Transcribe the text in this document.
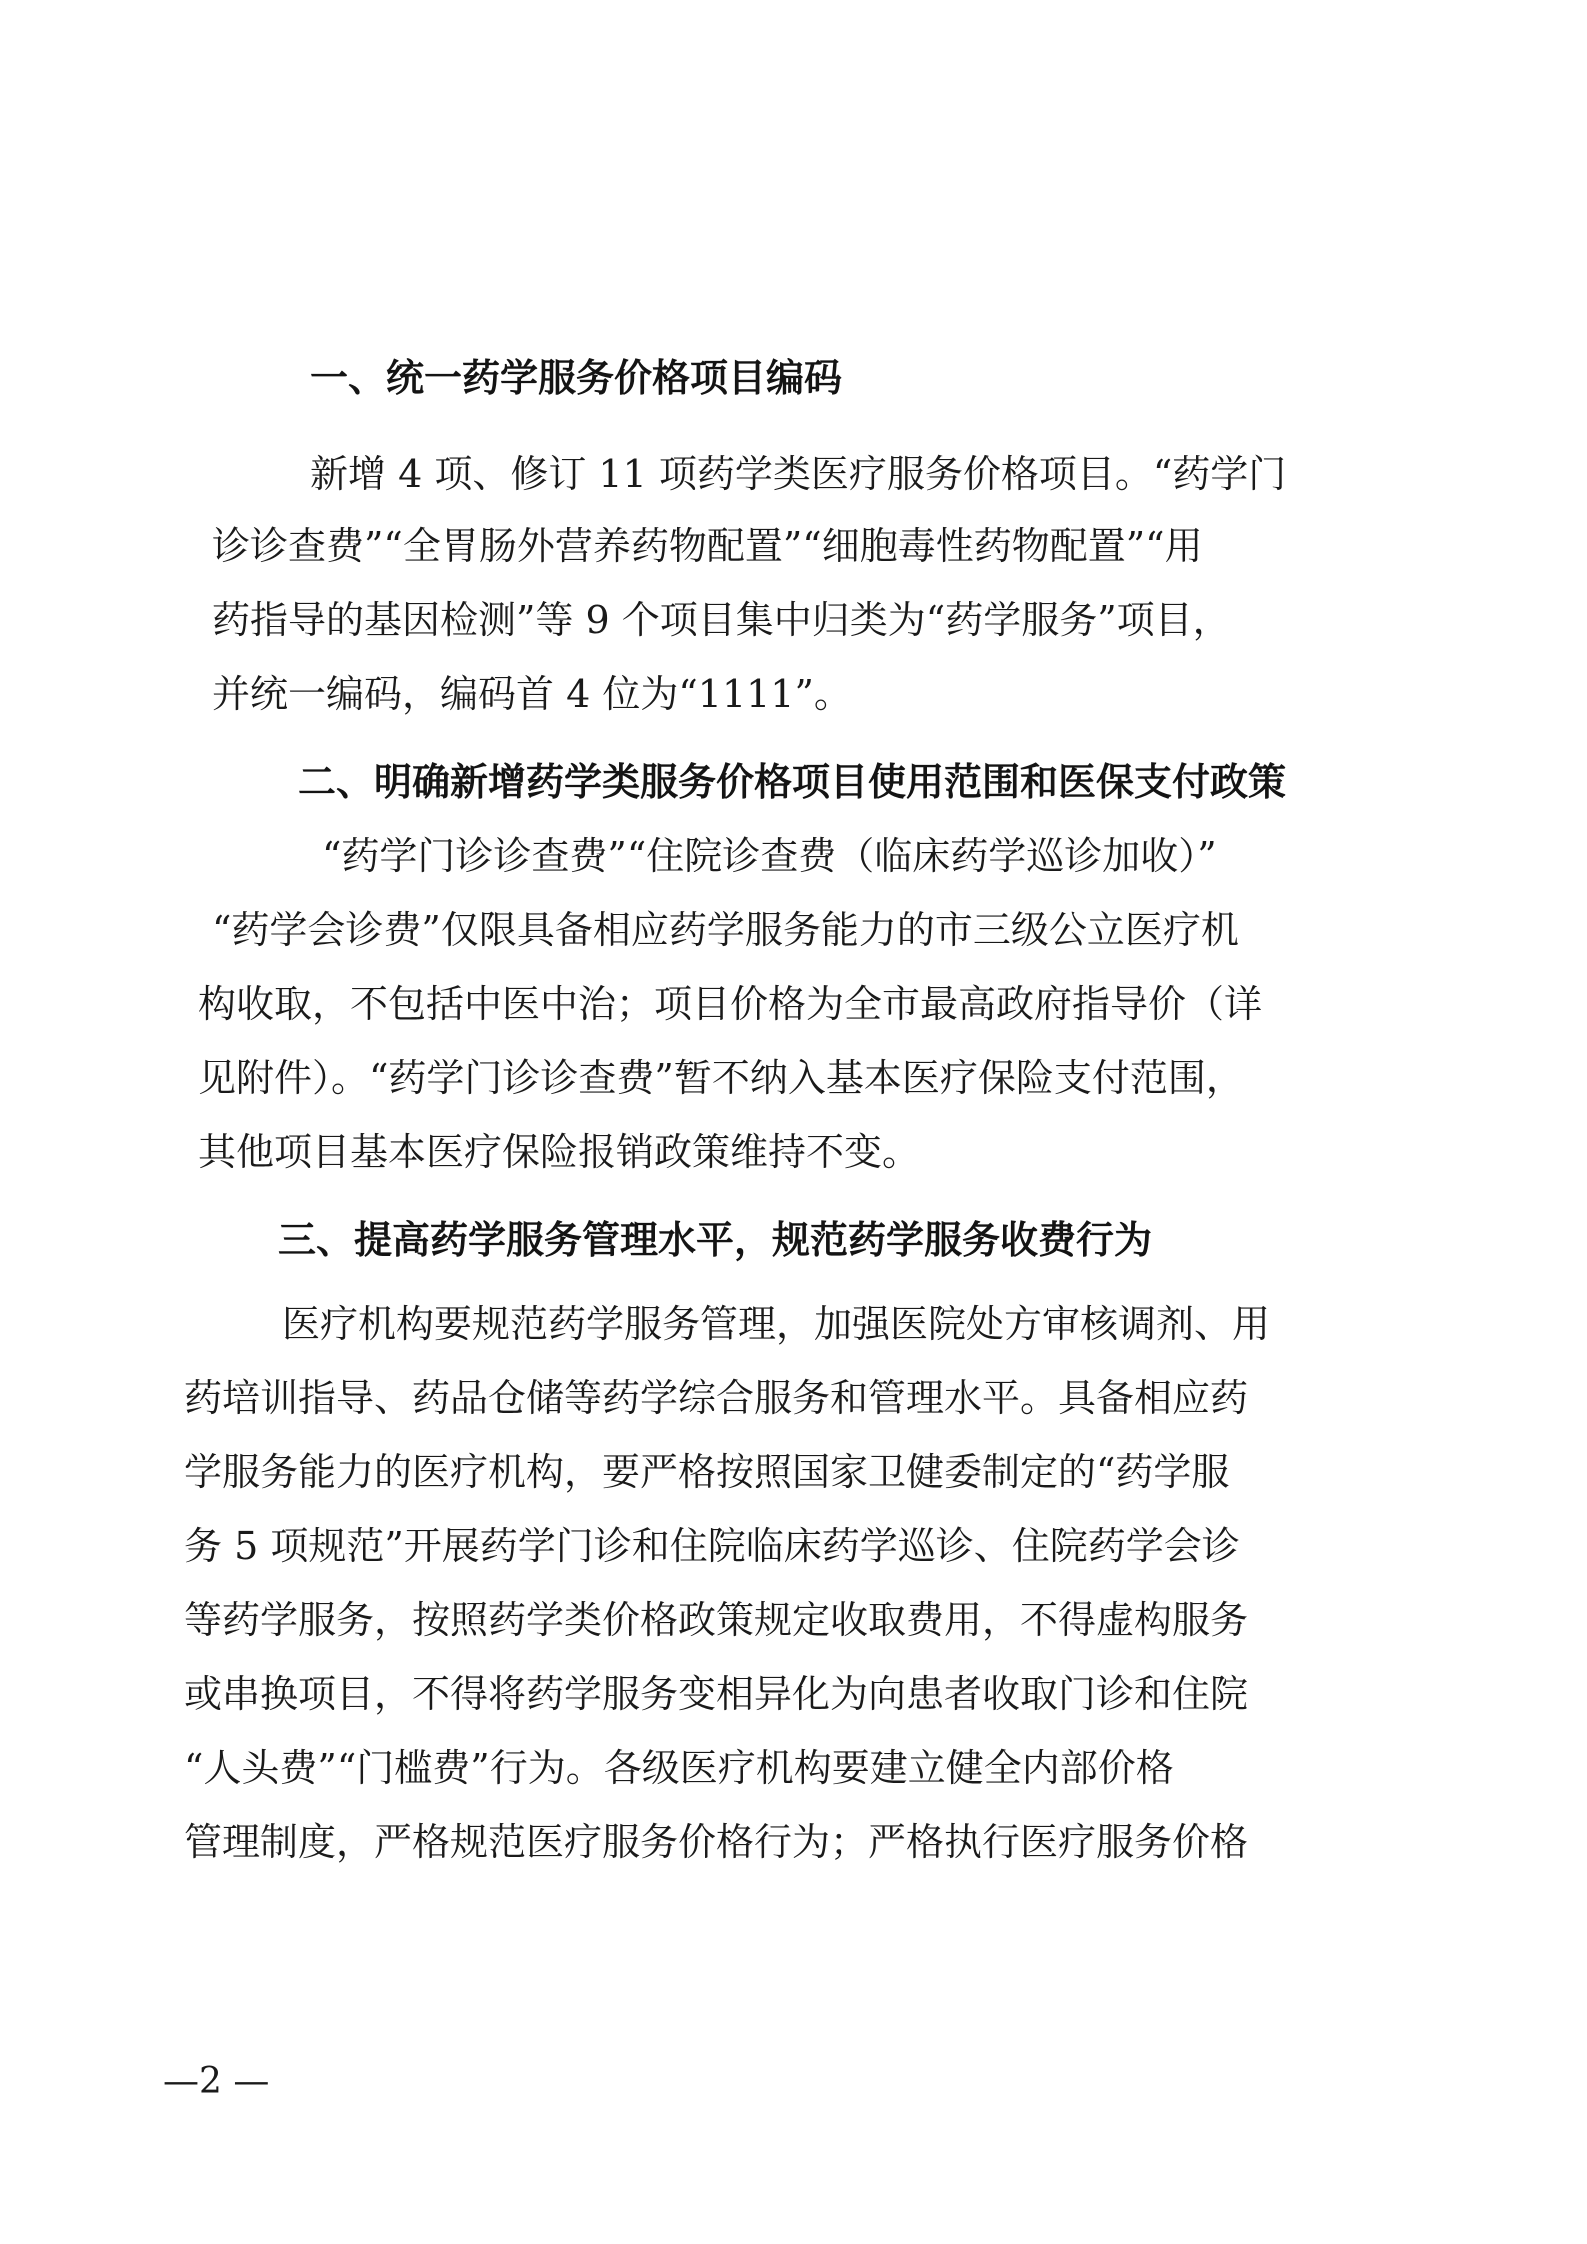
一、统一药学服务价格项目编码
新增 4 项、修订 11 项药学类医疗服务价格项目。“药学门
诊诊查费”“全胃肠外营养药物配置”“细胞毒性药物配置”“用
药指导的基因检测”等 9 个项目集中归类为“药学服务”项目，
并统一编码，编码首 4 位为“1111”。
二、明确新增药学类服务价格项目使用范围和医保支付政策
“药学门诊诊查费”“住院诊查费（临床药学巡诊加收）”
“药学会诊费”仅限具备相应药学服务能力的市三级公立医疗机
构收取，不包括中医中治；项目价格为全市最高政府指导价（详
见附件）。“药学门诊诊查费”暂不纳入基本医疗保险支付范围，
其他项目基本医疗保险报销政策维持不变。
三、提高药学服务管理水平，规范药学服务收费行为
医疗机构要规范药学服务管理，加强医院处方审核调剂、用
药培训指导、药品仓储等药学综合服务和管理水平。具备相应药
学服务能力的医疗机构，要严格按照国家卫健委制定的“药学服
务 5 项规范”开展药学门诊和住院临床药学巡诊、住院药学会诊
等药学服务，按照药学类价格政策规定收取费用，不得虚构服务
或串换项目，不得将药学服务变相异化为向患者收取门诊和住院
“人头费”“门槛费”行为。各级医疗机构要建立健全内部价格
管理制度，严格规范医疗服务价格行为；严格执行医疗服务价格
—2 —
